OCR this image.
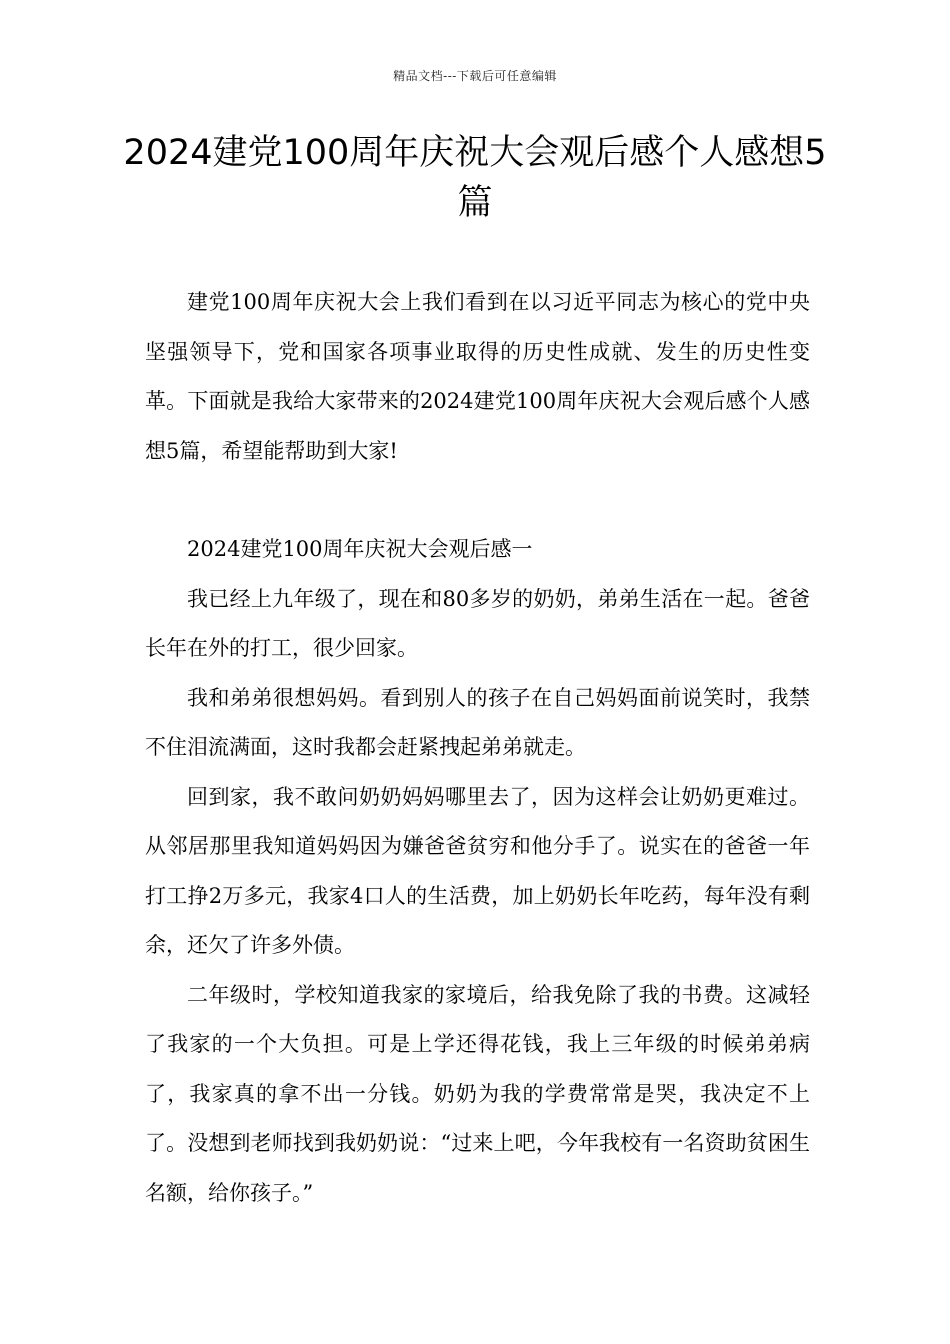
精品文档---下载后可任意编辑
2024建党100周年庆祝大会观后感个人感想5篇

建党100周年庆祝大会上我们看到在以习近平同志为核心的党中央坚强领导下，党和国家各项事业取得的历史性成就、发生的历史性变革。下面就是我给大家带来的2024建党100周年庆祝大会观后感个人感想5篇，希望能帮助到大家!

2024建党100周年庆祝大会观后感一

我已经上九年级了，现在和80多岁的奶奶，弟弟生活在一起。爸爸长年在外的打工，很少回家。

我和弟弟很想妈妈。看到别人的孩子在自己妈妈面前说笑时，我禁不住泪流满面，这时我都会赶紧拽起弟弟就走。

回到家，我不敢问奶奶妈妈哪里去了，因为这样会让奶奶更难过。从邻居那里我知道妈妈因为嫌爸爸贫穷和他分手了。说实在的爸爸一年打工挣2万多元，我家4口人的生活费，加上奶奶长年吃药，每年没有剩余，还欠了许多外债。

二年级时，学校知道我家的家境后，给我免除了我的书费。这减轻了我家的一个大负担。可是上学还得花钱，我上三年级的时候弟弟病了，我家真的拿不出一分钱。奶奶为我的学费常常是哭，我决定不上了。没想到老师找到我奶奶说：“过来上吧，今年我校有一名资助贫困生名额，给你孩子。”
